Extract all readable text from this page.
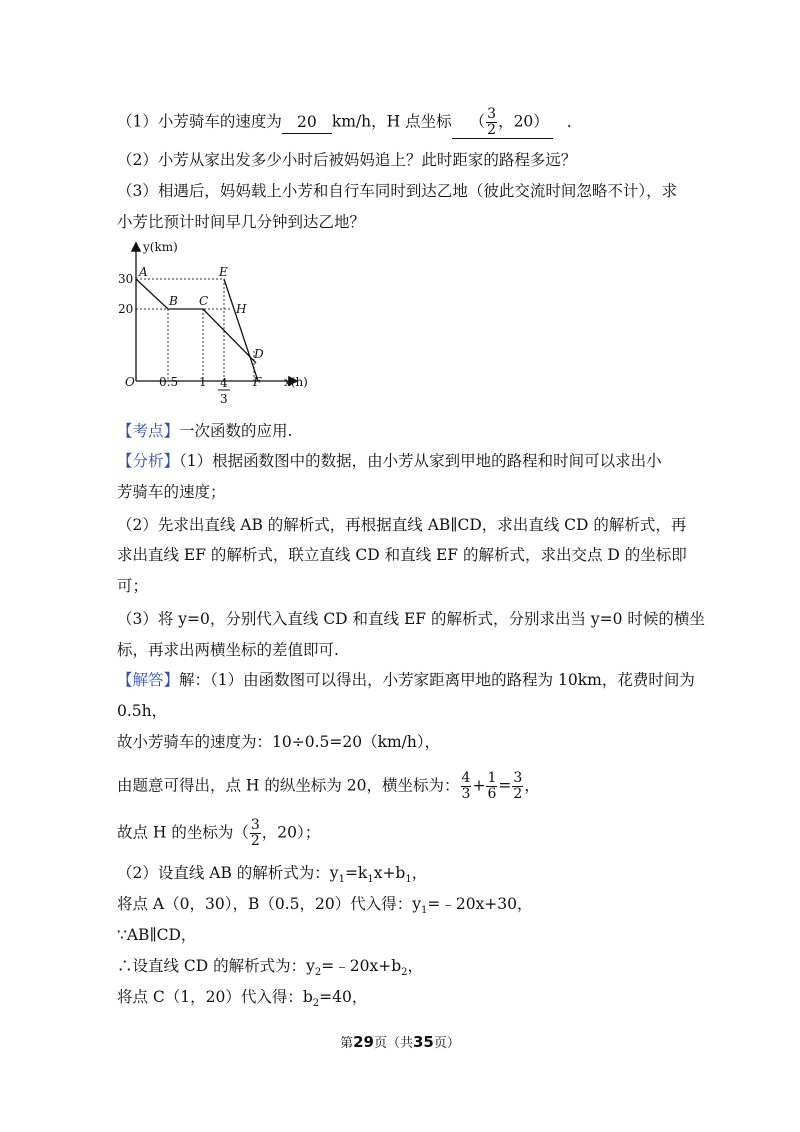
（1）小芳骑车的速度为 20 km/h，H 点坐标 （ $\frac{3}{2}$ ，20） .
（2）小芳从家出发多少小时后被妈妈追上？此时距家的路程多远？
（3）相遇后，妈妈载上小芳和自行车同时到达乙地（彼此交流时间忽略不计），求
小芳比预计时间早几分钟到达乙地？
y(km)
x(h)
30
20
O 0.5 1 4
3
A
B C
D
E
F
H
【考点】一次函数的应用.
【分析】（1）根据函数图中的数据，由小芳从家到甲地的路程和时间可以求出小
芳骑车的速度；
（2）先求出直线 AB 的解析式，再根据直线 AB∥CD，求出直线 CD 的解析式，再
求出直线 EF 的解析式，联立直线 CD 和直线 EF 的解析式，求出交点 D 的坐标即
可；
（3）将 y=0，分别代入直线 CD 和直线 EF 的解析式，分别求出当 y=0 时候的横坐
标，再求出两横坐标的差值即可.
【解答】解：（1）由函数图可以得出，小芳家距离甲地的路程为 10km，花费时间为
0.5h，
故小芳骑车的速度为：10÷0.5=20（km/h），
由题意可得出，点 H 的纵坐标为 20，横坐标为： $\frac{4}{3} + \frac{1}{6} = \frac{3}{2}$ ，
故点 H 的坐标为（ $\frac{3}{2}$ ，20）；
（2）设直线 AB 的解析式为：$y_1=k_1x+b_1$，
将点 A（0，30），B（0.5，20）代入得：$y_1=﹣20x+30$，
∵AB∥CD，
∴设直线 CD 的解析式为：$y_2=﹣20x+b_2$，
将点 C（1，20）代入得：$b_2=40$，
第29页（共35页）
